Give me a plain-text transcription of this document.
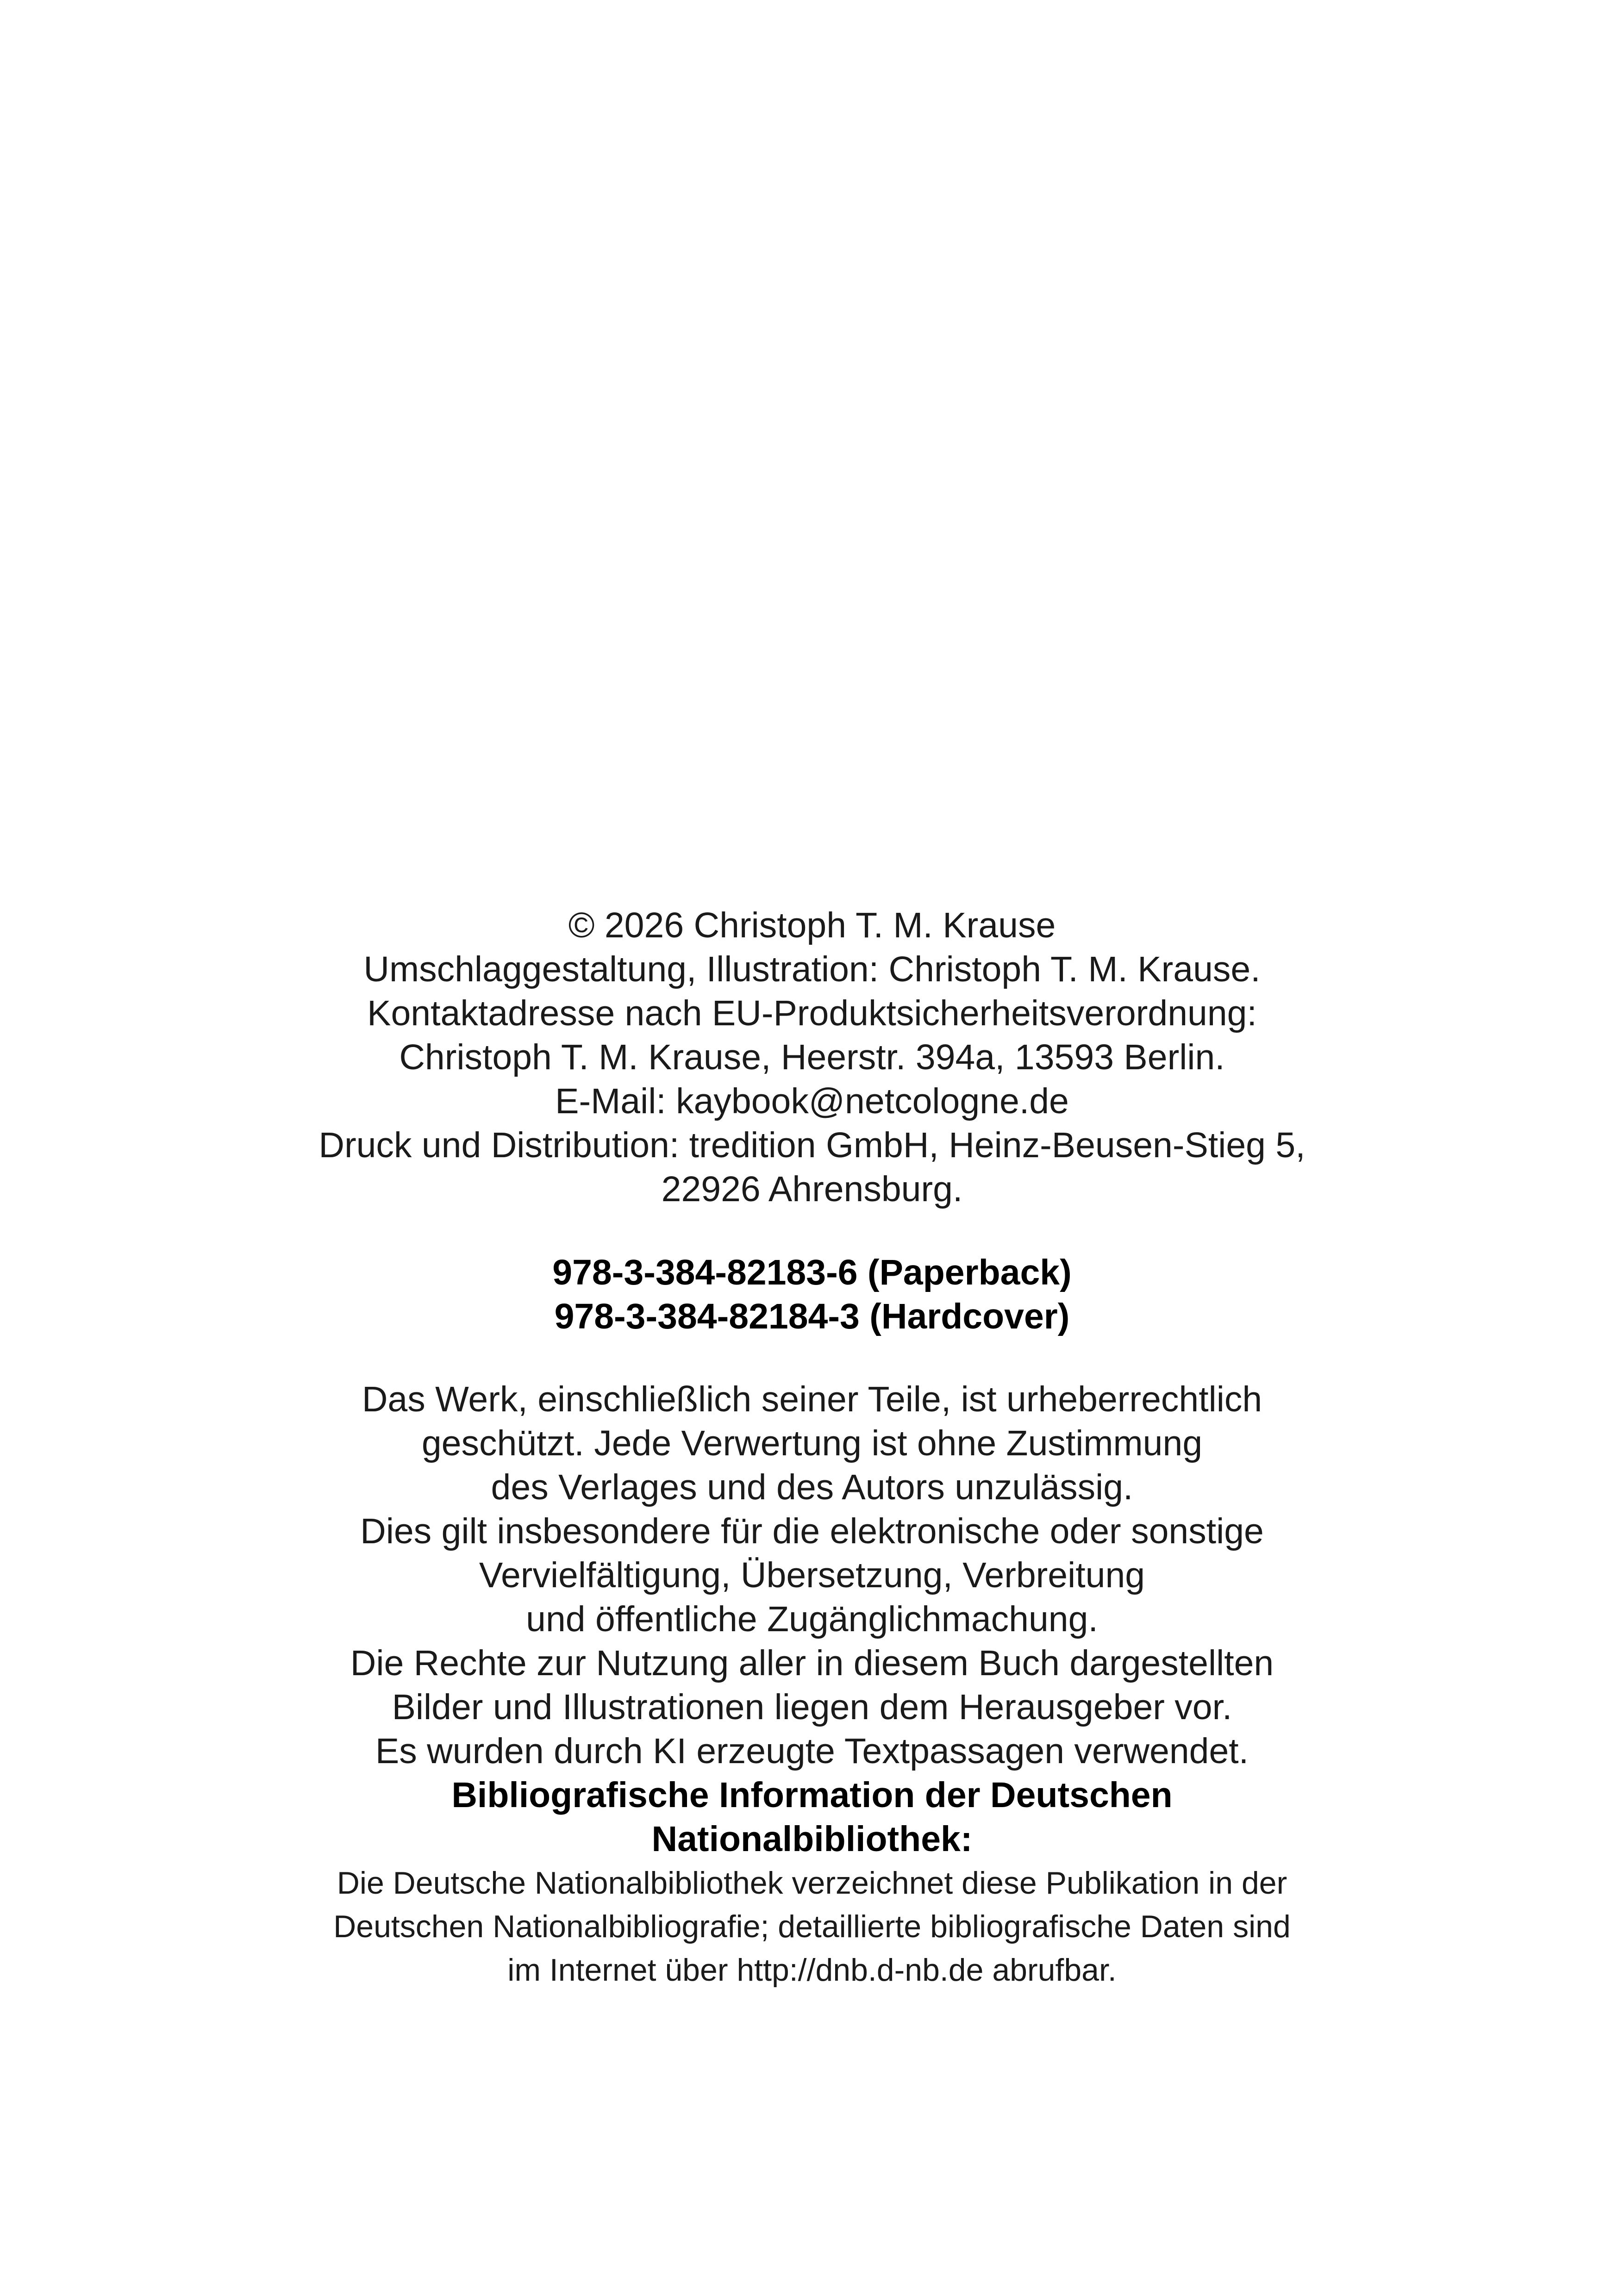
© 2026 Christoph T. M. Krause
Umschlaggestaltung, Illustration: Christoph T. M. Krause.
Kontaktadresse nach EU-Produktsicherheitsverordnung:
Christoph T. M. Krause, Heerstr. 394a, 13593 Berlin.
E-Mail: kaybook@netcologne.de
Druck und Distribution: tredition GmbH, Heinz-Beusen-Stieg 5,
22926 Ahrensburg.
978-3-384-82183-6 (Paperback)
978-3-384-82184-3 (Hardcover)
Das Werk, einschließlich seiner Teile, ist urheberrechtlich
geschützt. Jede Verwertung ist ohne Zustimmung
des Verlages und des Autors unzulässig.
Dies gilt insbesondere für die elektronische oder sonstige
Vervielfältigung, Übersetzung, Verbreitung
und öffentliche Zugänglichmachung.
Die Rechte zur Nutzung aller in diesem Buch dargestellten
Bilder und Illustrationen liegen dem Herausgeber vor.
Es wurden durch KI erzeugte Textpassagen verwendet.
Bibliografische Information der Deutschen
Nationalbibliothek:
Die Deutsche Nationalbibliothek verzeichnet diese Publikation in der
Deutschen Nationalbibliografie; detaillierte bibliografische Daten sind
im Internet über http://dnb.d-nb.de abrufbar.
